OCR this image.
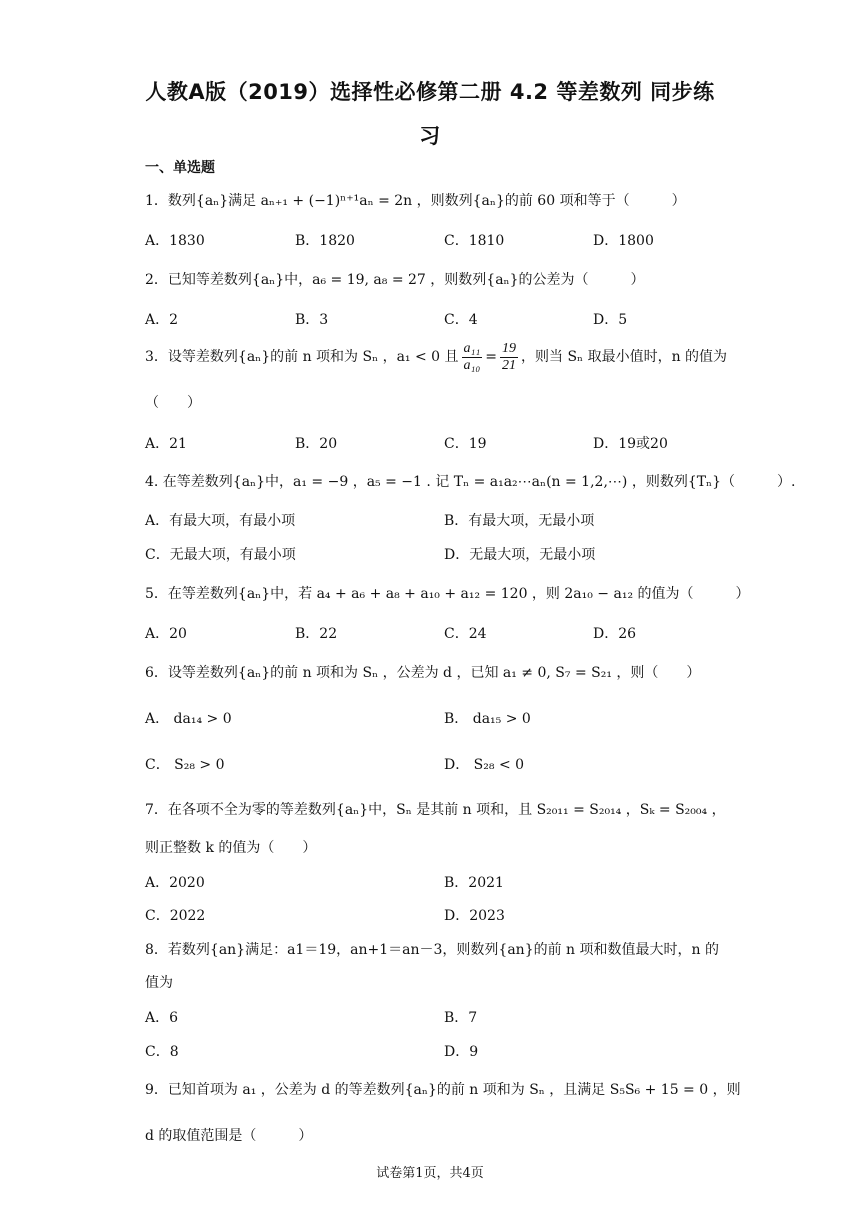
人教A版（2019）选择性必修第二册 4.2 等差数列 同步练
习
一、单选题
1．数列{aₙ}满足 aₙ₊₁ + (−1)ⁿ⁺¹aₙ = 2n ，则数列{aₙ}的前 60 项和等于（　　　）
A．1830	B．1820	C．1810	D．1800
2．已知等差数列{aₙ}中，a₆ = 19, a₈ = 27 ，则数列{aₙ}的公差为（　　　）
A．2	B．3	C．4	D．5
3．设等差数列{aₙ}的前 n 项和为 Sₙ ，a₁ < 0 且 $\frac{\text{a₁₁}}{\text{a₁₀}} = \frac{19}{21}$ ，则当 Sₙ 取最小值时，n 的值为
（　　）
A．21	B．20	C．19	D．19或20
4. 在等差数列{aₙ}中，a₁ = −9 ，a₅ = −1 . 记 Tₙ = a₁a₂⋯aₙ(n = 1,2,⋯) ，则数列{Tₙ}（　　　）.
A．有最大项，有最小项	B．有最大项，无最小项
C．无最大项，有最小项	D．无最大项，无最小项
5．在等差数列{aₙ}中，若 a₄ + a₆ + a₈ + a₁₀ + a₁₂ = 120 ，则 2a₁₀ − a₁₂ 的值为（　　　）
A．20	B．22	C．24	D．26
6．设等差数列{aₙ}的前 n 项和为 Sₙ ，公差为 d ，已知 a₁ ≠ 0, S₇ = S₂₁ ，则（　　）
A． da₁₄ > 0	B． da₁₅ > 0
C． S₂₈ > 0	D． S₂₈ < 0
7．在各项不全为零的等差数列{aₙ}中，Sₙ 是其前 n 项和，且 S₂₀₁₁ = S₂₀₁₄ ，Sₖ = S₂₀₀₄ ，
则正整数 k 的值为（　　）
A．2020	B．2021
C．2022	D．2023
8．若数列{an}满足：a1＝19，an+1＝an－3，则数列{an}的前 n 项和数值最大时，n 的
值为
A．6	B．7
C．8	D．9
9．已知首项为 a₁ ，公差为 d 的等差数列{aₙ}的前 n 项和为 Sₙ ，且满足 S₅S₆ + 15 = 0 ，则
d 的取值范围是（　　　）
试卷第1页，共4页
